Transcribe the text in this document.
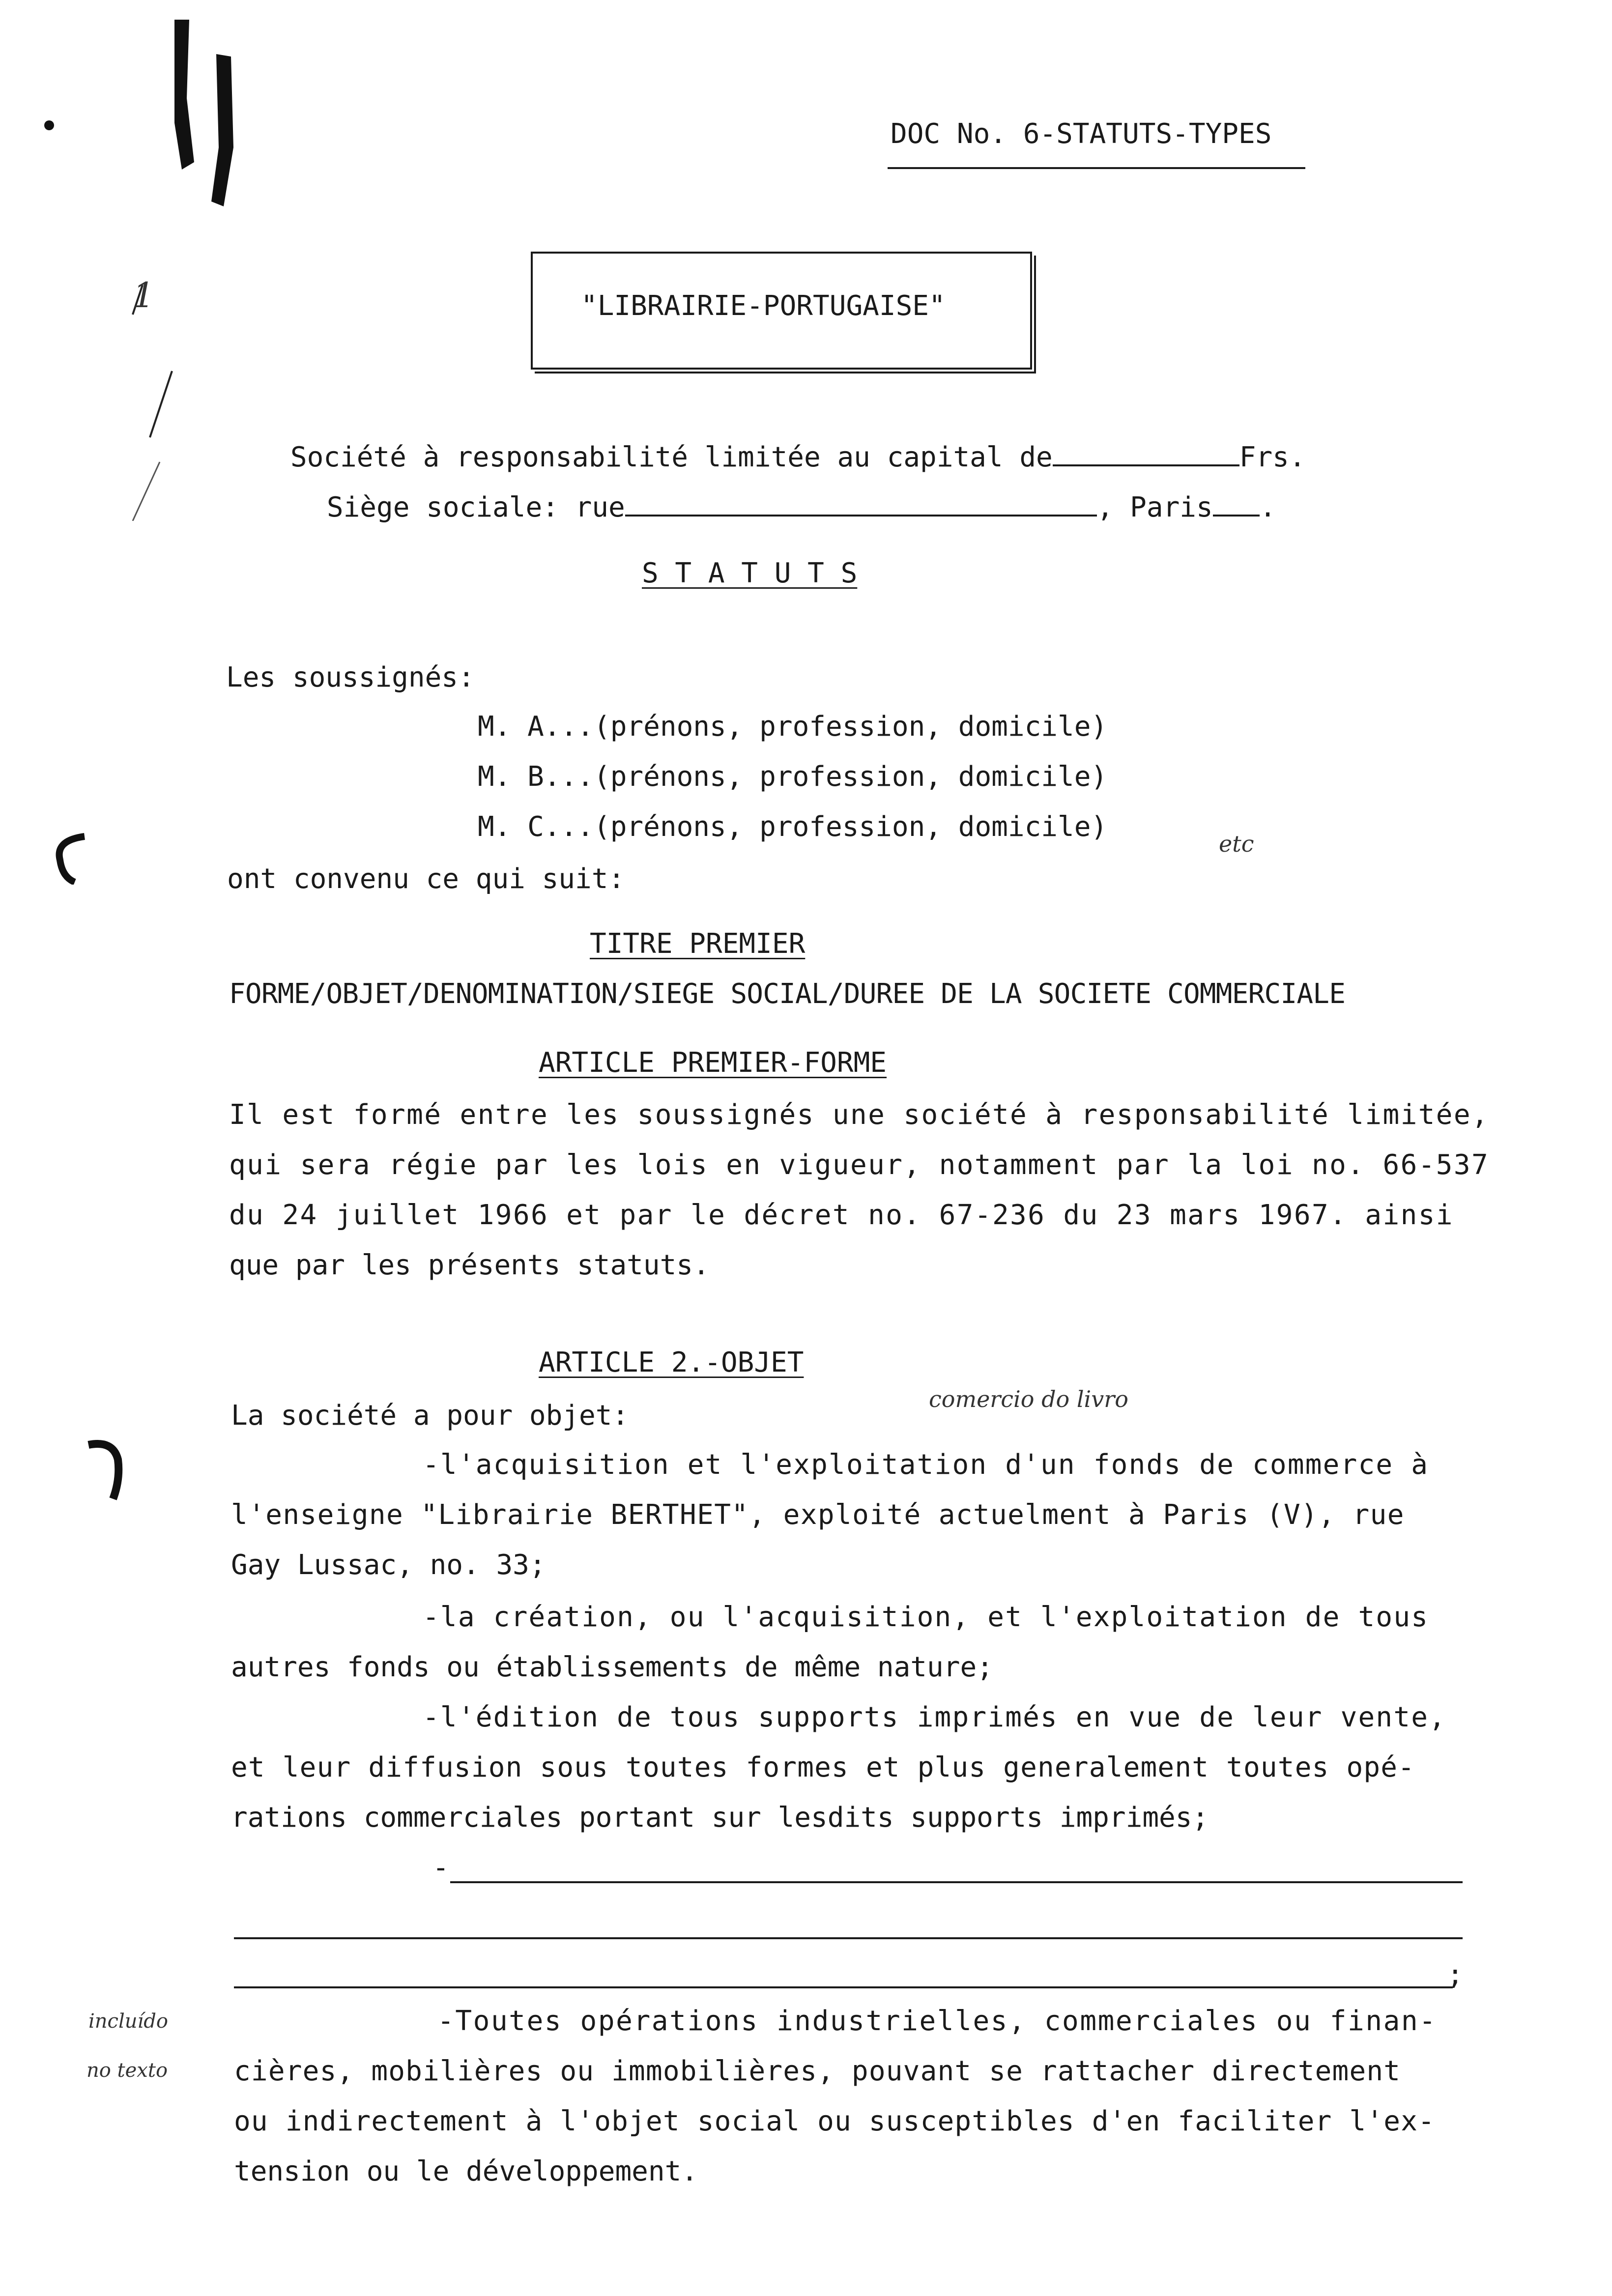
1
DOC No. 6-STATUTS-TYPES
"LIBRAIRIE-PORTUGAISE"

Société à responsabilité limitée au capital de	Frs.

Siège sociale: rue	, Paris .

S T A T U T S
Les soussignés:
M. A...(prénons, profession, domicile)
M. B...(prénons, profession, domicile)
M. C...(prénons, profession, domicile)
etc
ont convenu ce qui suit:
TITRE PREMIER
FORME/OBJET/DENOMINATION/SIEGE SOCIAL/DUREE DE LA SOCIETE COMMERCIALE
ARTICLE PREMIER-FORME
Il est formé entre les soussignés une société à responsabilité limitée,
qui sera régie par les lois en vigueur, notamment par la loi no. 66-537
du 24 juillet 1966 et par le décret no. 67-236 du 23 mars 1967. ainsi
que par les présents statuts.
ARTICLE 2.-OBJET
La société a pour objet:
comercio do livro
-l'acquisition et l'exploitation d'un fonds de commerce à
l'enseigne "Librairie BERTHET", exploité actuelment à Paris (V), rue
Gay Lussac, no. 33;
-la création, ou l'acquisition, et l'exploitation de tous
autres fonds ou établissements de même nature;
-l'édition de tous supports imprimés en vue de leur vente,
et leur diffusion sous toutes formes et plus generalement toutes opé-
rations commerciales portant sur lesdits supports imprimés;
-
;
incluído
no texto
-Toutes opérations industrielles, commerciales ou finan-
cières, mobilières ou immobilières, pouvant se rattacher directement
ou indirectement à l'objet social ou susceptibles d'en faciliter l'ex-
tension ou le développement.
